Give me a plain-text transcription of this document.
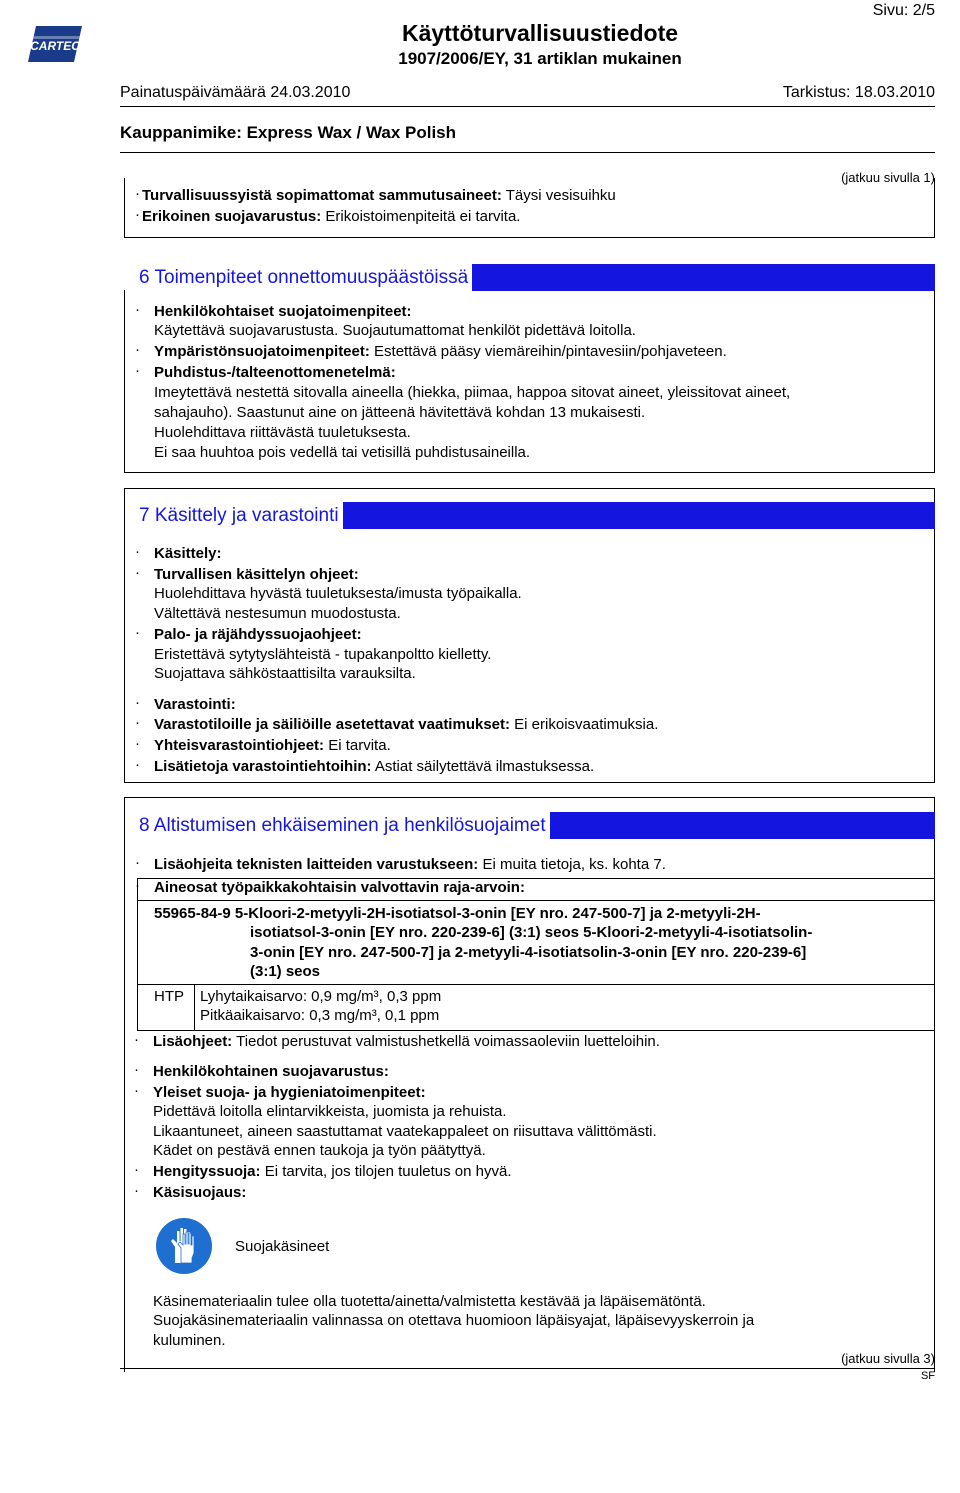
CARTEC
Sivu: 2/5
Käyttöturvallisuustiedote
1907/2006/EY, 31 artiklan mukainen
Painatuspäivämäärä 24.03.2010	Tarkistus: 18.03.2010
Kauppanimike: Express Wax / Wax Polish
(jatkuu sivulla 1)
· Turvallisuussyistä sopimattomat sammutusaineet: Täysi vesisuihku
· Erikoinen suojavarustus: Erikoistoimenpiteitä ei tarvita.
6 Toimenpiteet onnettomuuspäästöissä
· Henkilökohtaiset suojatoimenpiteet:
Käytettävä suojavarustusta. Suojautumattomat henkilöt pidettävä loitolla.
· Ympäristönsuojatoimenpiteet: Estettävä pääsy viemäreihin/pintavesiin/pohjaveteen.
· Puhdistus-/talteenottomenetelmä:
Imeytettävä nestettä sitovalla aineella (hiekka, piimaa, happoa sitovat aineet, yleissitovat aineet,
sahajauho). Saastunut aine on jätteenä hävitettävä kohdan 13 mukaisesti.
Huolehdittava riittävästä tuuletuksesta.
Ei saa huuhtoa pois vedellä tai vetisillä puhdistusaineilla.
· Käsittely:
· Turvallisen käsittelyn ohjeet:
Huolehdittava hyvästä tuuletuksesta/imusta työpaikalla.
Vältettävä nestesumun muodostusta.
· Palo- ja räjähdyssuojaohjeet:
Eristettävä sytytyslähteistä - tupakanpoltto kielletty.
Suojattava sähköstaattisilta varauksilta.
· Varastointi:
· Varastotiloille ja säiliöille asetettavat vaatimukset: Ei erikoisvaatimuksia.
· Yhteisvarastointiohjeet: Ei tarvita.
· Lisätietoja varastointiehtoihin: Astiat säilytettävä ilmastuksessa.
7 Käsittely ja varastointi
· Lisäohjeita teknisten laitteiden varustukseen: Ei muita tietoja, ks. kohta 7.
· Aineosat työpaikkakohtaisin valvottavin raja-arvoin:
8 Altistumisen ehkäiseminen ja henkilösuojaimet
55965-84-9 5-Kloori-2-metyyli-2H-isotiatsol-3-onin [EY nro. 247-500-7] ja 2-metyyli-2H-
isotiatsol-3-onin [EY nro. 220-239-6] (3:1) seos 5-Kloori-2-metyyli-4-isotiatsolin-
3-onin [EY nro. 247-500-7] ja 2-metyyli-4-isotiatsolin-3-onin [EY nro. 220-239-6]
(3:1) seos
HTP Lyhytaikaisarvo: 0,9 mg/m³, 0,3 ppm
Pitkäaikaisarvo: 0,3 mg/m³, 0,1 ppm
· Lisäohjeet: Tiedot perustuvat valmistushetkellä voimassaoleviin luetteloihin.
· Henkilökohtainen suojavarustus:
· Yleiset suoja- ja hygieniatoimenpiteet:
Pidettävä loitolla elintarvikkeista, juomista ja rehuista.
Likaantuneet, aineen saastuttamat vaatekappaleet on riisuttava välittömästi.
Kädet on pestävä ennen taukoja ja työn päätyttyä.
· Hengityssuoja: Ei tarvita, jos tilojen tuuletus on hyvä.
· Käsisuojaus:
Suojakäsineet
Käsinemateriaalin tulee olla tuotetta/ainetta/valmistetta kestävää ja läpäisemätöntä.
Suojakäsinemateriaalin valinnassa on otettava huomioon läpäisyajat, läpäisevyyskerroin ja
kuluminen.
(jatkuu sivulla 3)
SF
